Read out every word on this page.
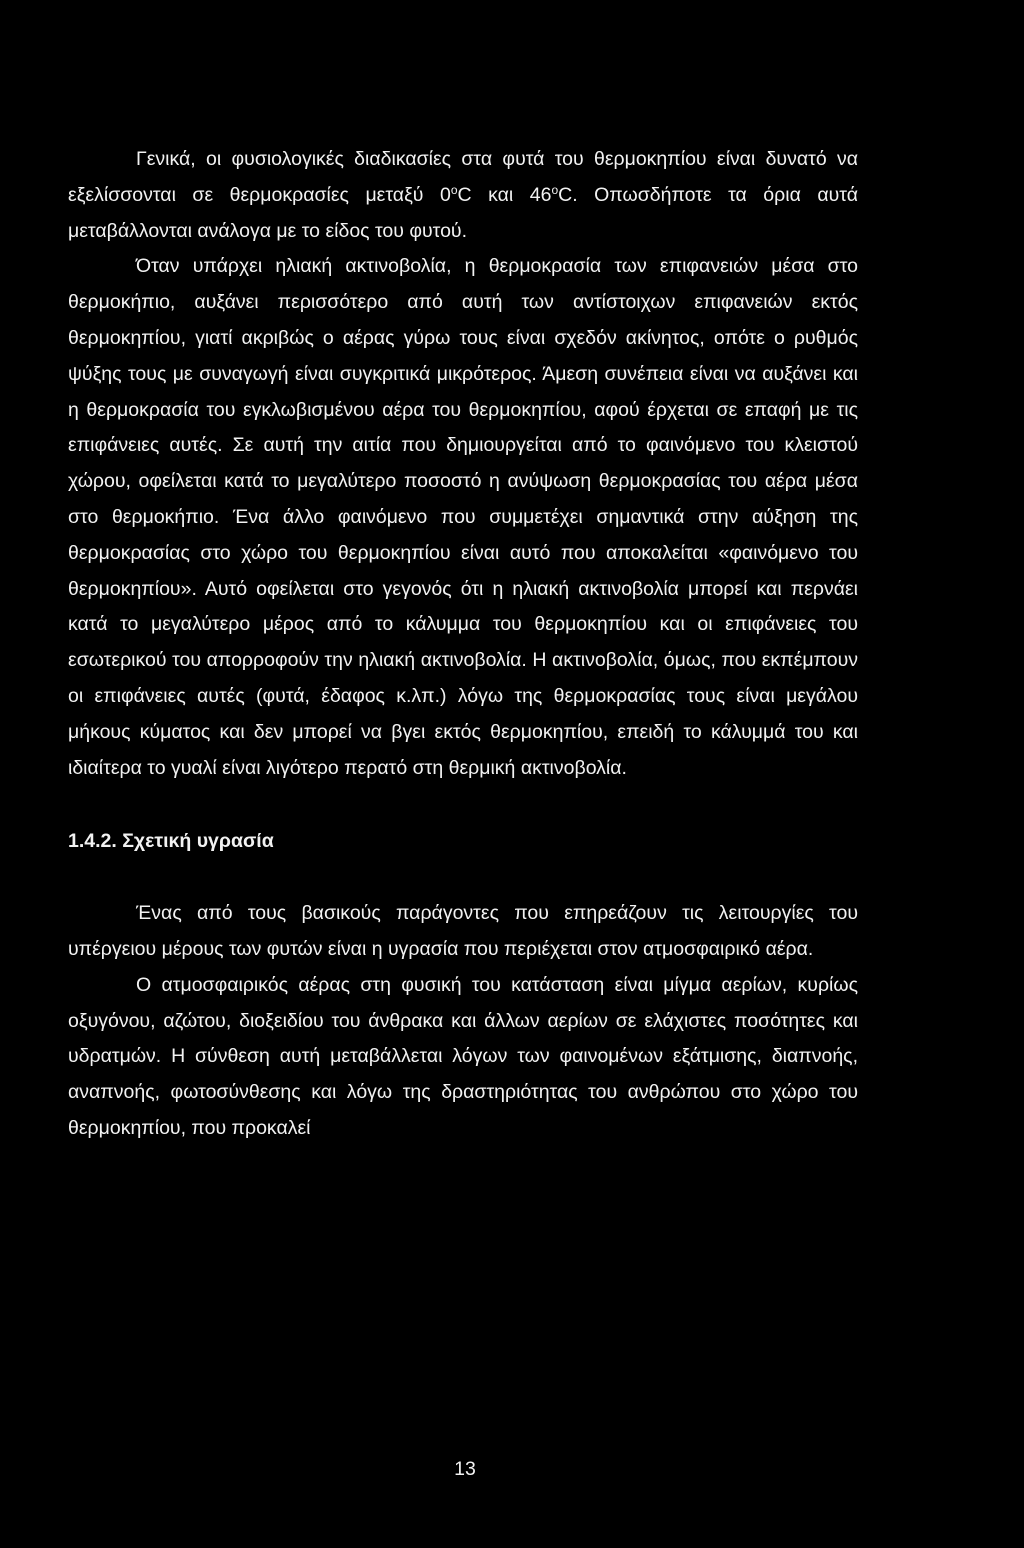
Γενικά, οι φυσιολογικές διαδικασίες στα φυτά του θερμοκηπίου είναι δυνατό να εξελίσσονται σε θερμοκρασίες μεταξύ 0$^o$C και 46$^o$C. Οπωσδήποτε τα όρια αυτά μεταβάλλονται ανάλογα με το είδος του φυτού.

Όταν υπάρχει ηλιακή ακτινοβολία, η θερμοκρασία των επιφανειών μέσα στο θερμοκήπιο, αυξάνει περισσότερο από αυτή των αντίστοιχων επιφανειών εκτός θερμοκηπίου, γιατί ακριβώς ο αέρας γύρω τους είναι σχεδόν ακίνητος, οπότε ο ρυθμός ψύξης τους με συναγωγή είναι συγκριτικά μικρότερος. Άμεση συνέπεια είναι να αυξάνει και η θερμοκρασία του εγκλωβισμένου αέρα του θερμοκηπίου, αφού έρχεται σε επαφή με τις επιφάνειες αυτές. Σε αυτή την αιτία που δημιουργείται από το φαινόμενο του κλειστού χώρου, οφείλεται κατά το μεγαλύτερο ποσοστό η ανύψωση θερμοκρασίας του αέρα μέσα στο θερμοκήπιο. Ένα άλλο φαινόμενο που συμμετέχει σημαντικά στην αύξηση της θερμοκρασίας στο χώρο του θερμοκηπίου είναι αυτό που αποκαλείται «φαινόμενο του θερμοκηπίου». Αυτό οφείλεται στο γεγονός ότι η ηλιακή ακτινοβολία μπορεί και περνάει κατά το μεγαλύτερο μέρος από το κάλυμμα του θερμοκηπίου και οι επιφάνειες του εσωτερικού του απορροφούν την ηλιακή ακτινοβολία. Η ακτινοβολία, όμως, που εκπέμπουν οι επιφάνειες αυτές (φυτά, έδαφος κ.λπ.) λόγω της θερμοκρασίας τους είναι μεγάλου μήκους κύματος και δεν μπορεί να βγει εκτός θερμοκηπίου, επειδή το κάλυμμά του και ιδιαίτερα το γυαλί είναι λιγότερο περατό στη θερμική ακτινοβολία.

1.4.2. Σχετική υγρασία

Ένας από τους βασικούς παράγοντες που επηρεάζουν τις λειτουργίες του υπέργειου μέρους των φυτών είναι η υγρασία που περιέχεται στον ατμοσφαιρικό αέρα.

Ο ατμοσφαιρικός αέρας στη φυσική του κατάσταση είναι μίγμα αερίων, κυρίως οξυγόνου, αζώτου, διοξειδίου του άνθρακα και άλλων αερίων σε ελάχιστες ποσότητες και υδρατμών. Η σύνθεση αυτή μεταβάλλεται λόγων των φαινομένων εξάτμισης, διαπνοής, αναπνοής, φωτοσύνθεσης και λόγω της δραστηριότητας του ανθρώπου στο χώρο του θερμοκηπίου, που προκαλεί

13
